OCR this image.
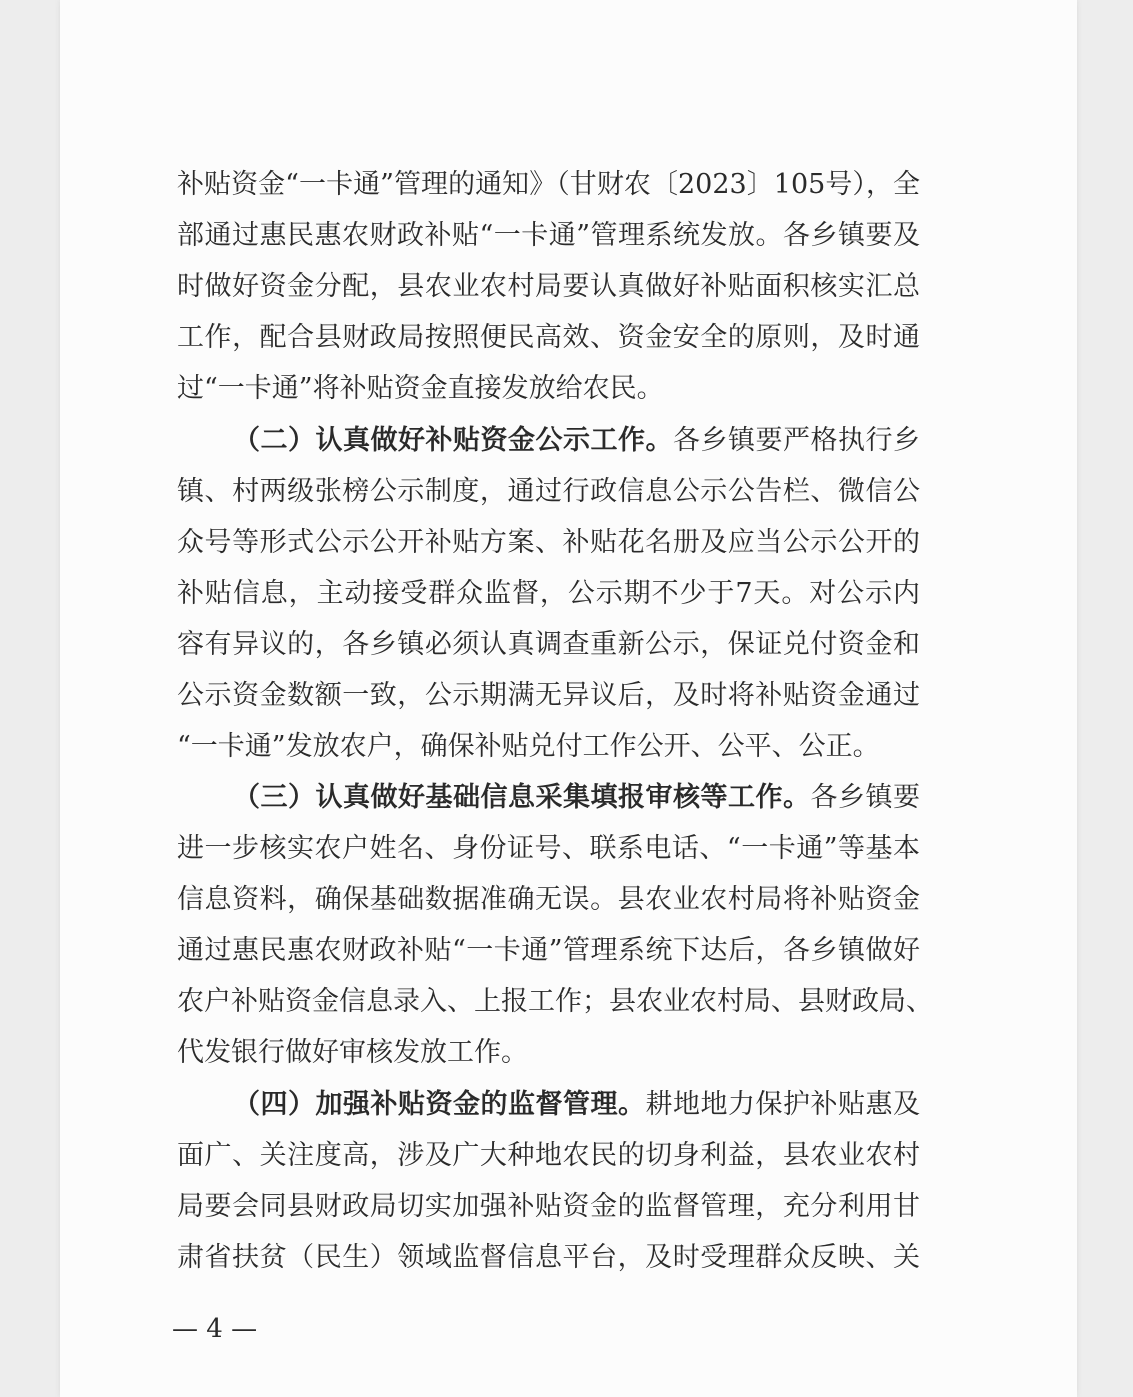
补贴资金“一卡通”管理的通知》（甘财农〔2023〕105号），全
部通过惠民惠农财政补贴“一卡通”管理系统发放。各乡镇要及
时做好资金分配，县农业农村局要认真做好补贴面积核实汇总
工作，配合县财政局按照便民高效、资金安全的原则，及时通
过“一卡通”将补贴资金直接发放给农民。
（二）认真做好补贴资金公示工作。各乡镇要严格执行乡
镇、村两级张榜公示制度，通过行政信息公示公告栏、微信公
众号等形式公示公开补贴方案、补贴花名册及应当公示公开的
补贴信息，主动接受群众监督，公示期不少于7天。对公示内
容有异议的，各乡镇必须认真调查重新公示，保证兑付资金和
公示资金数额一致，公示期满无异议后，及时将补贴资金通过
“一卡通”发放农户，确保补贴兑付工作公开、公平、公正。
（三）认真做好基础信息采集填报审核等工作。各乡镇要
进一步核实农户姓名、身份证号、联系电话、“一卡通”等基本
信息资料，确保基础数据准确无误。县农业农村局将补贴资金
通过惠民惠农财政补贴“一卡通”管理系统下达后，各乡镇做好
农户补贴资金信息录入、上报工作；县农业农村局、县财政局、
代发银行做好审核发放工作。
（四）加强补贴资金的监督管理。耕地地力保护补贴惠及
面广、关注度高，涉及广大种地农民的切身利益，县农业农村
局要会同县财政局切实加强补贴资金的监督管理，充分利用甘
肃省扶贫（民生）领域监督信息平台，及时受理群众反映、关
— 4 —
